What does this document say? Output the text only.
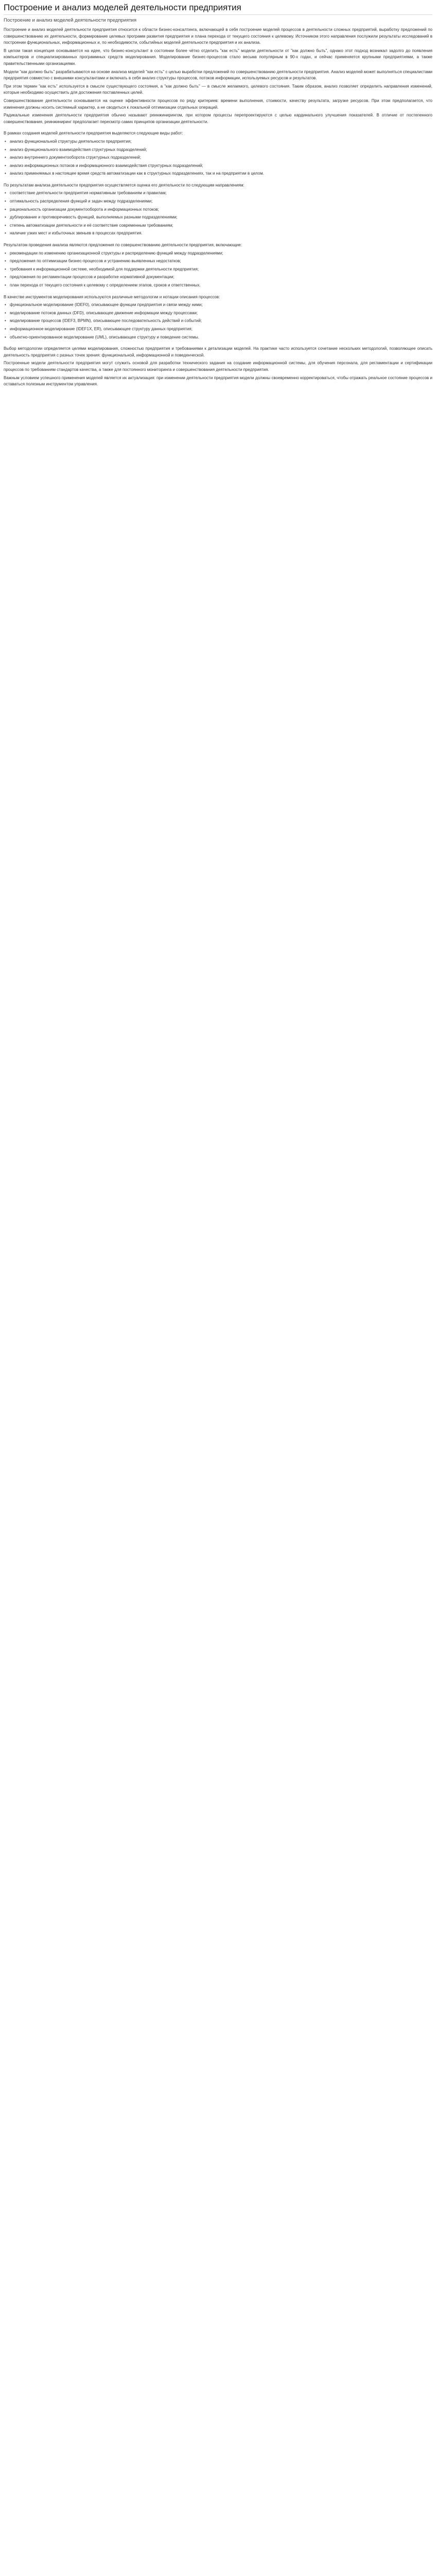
Построение и анализ моделей деятельности предприятия
Построение и анализ моделей деятельности предприятия

Построение и анализ моделей деятельности предприятия относится к области бизнес-консалтинга, включающей в себя построение моделей процессов в деятельности сложных предприятий, выработку предложений по совершенствованию их деятельности, формирование целевых программ развития предприятия и плана перехода от текущего состояния к целевому. Источником этого направления послужили результаты исследований в построении функциональных, информационных и, по необходимости, событийных моделей деятельности предприятия и их анализа.

В целом такая концепция основывается на идее, что бизнес-консультант в состоянии более чётко отделить "как есть" модели деятельности от "как должно быть", однако этот подход возникал задолго до появления компьютеров и специализированных программных средств моделирования. Моделирование бизнес-процессов стало весьма популярным в 90-х годах, и сейчас применяется крупными предприятиями, а также правительственными организациями.

Модели "как должно быть" разрабатываются на основе анализа моделей "как есть" с целью выработки предложений по совершенствованию деятельности предприятия. Анализ моделей может выполняться специалистами предприятия совместно с внешними консультантами и включать в себя анализ структуры процессов, потоков информации, используемых ресурсов и результатов.

При этом термин "как есть" используется в смысле существующего состояния, а "как должно быть" — в смысле желаемого, целевого состояния. Таким образом, анализ позволяет определить направления изменений, которые необходимо осуществить для достижения поставленных целей.

Совершенствование деятельности основывается на оценке эффективности процессов по ряду критериев: времени выполнения, стоимости, качеству результата, загрузке ресурсов. При этом предполагается, что изменения должны носить системный характер, а не сводиться к локальной оптимизации отдельных операций.

Радикальные изменения деятельности предприятия обычно называют реинжинирингом, при котором процессы перепроектируются с целью кардинального улучшения показателей. В отличие от постепенного совершенствования, реинжиниринг предполагает пересмотр самих принципов организации деятельности.

В рамках создания моделей деятельности предприятия выделяются следующие виды работ:

• анализ функциональной структуры деятельности предприятия;
• анализ функционального взаимодействия структурных подразделений;
• анализ внутреннего документооборота структурных подразделений;
• анализ информационных потоков и информационного взаимодействия структурных подразделений;
• анализ применяемых в настоящее время средств автоматизации как в структурных подразделениях, так и на предприятии в целом.

По результатам анализа деятельности предприятия осуществляется оценка его деятельности по следующим направлениям:

• соответствие деятельности предприятия нормативным требованиям и правилам;
• оптимальность распределения функций и задач между подразделениями;
• рациональность организации документооборота и информационных потоков;
• дублирование и противоречивость функций, выполняемых разными подразделениями;
• степень автоматизации деятельности и её соответствие современным требованиям;
• наличие узких мест и избыточных звеньев в процессах предприятия.

Результатом проведения анализа являются предложения по совершенствованию деятельности предприятия, включающие:

• рекомендации по изменению организационной структуры и распределению функций между подразделениями;
• предложения по оптимизации бизнес-процессов и устранению выявленных недостатков;
• требования к информационной системе, необходимой для поддержки деятельности предприятия;
• предложения по регламентации процессов и разработке нормативной документации;
• план перехода от текущего состояния к целевому с определением этапов, сроков и ответственных.

В качестве инструментов моделирования используются различные методологии и нотации описания процессов:

• функциональное моделирование (IDEF0), описывающее функции предприятия и связи между ними;
• моделирование потоков данных (DFD), описывающее движение информации между процессами;
• моделирование процессов (IDEF3, BPMN), описывающее последовательность действий и событий;
• информационное моделирование (IDEF1X, ER), описывающее структуру данных предприятия;
• объектно-ориентированное моделирование (UML), описывающее структуру и поведение системы.

Выбор методологии определяется целями моделирования, сложностью предприятия и требованиями к детализации моделей. На практике часто используется сочетание нескольких методологий, позволяющее описать деятельность предприятия с разных точек зрения: функциональной, информационной и поведенческой.

Построенные модели деятельности предприятия могут служить основой для разработки технического задания на создание информационной системы, для обучения персонала, для регламентации и сертификации процессов по требованиям стандартов качества, а также для постоянного мониторинга и совершенствования деятельности предприятия.

Важным условием успешного применения моделей является их актуализация: при изменении деятельности предприятия модели должны своевременно корректироваться, чтобы отражать реальное состояние процессов и оставаться полезным инструментом управления.
